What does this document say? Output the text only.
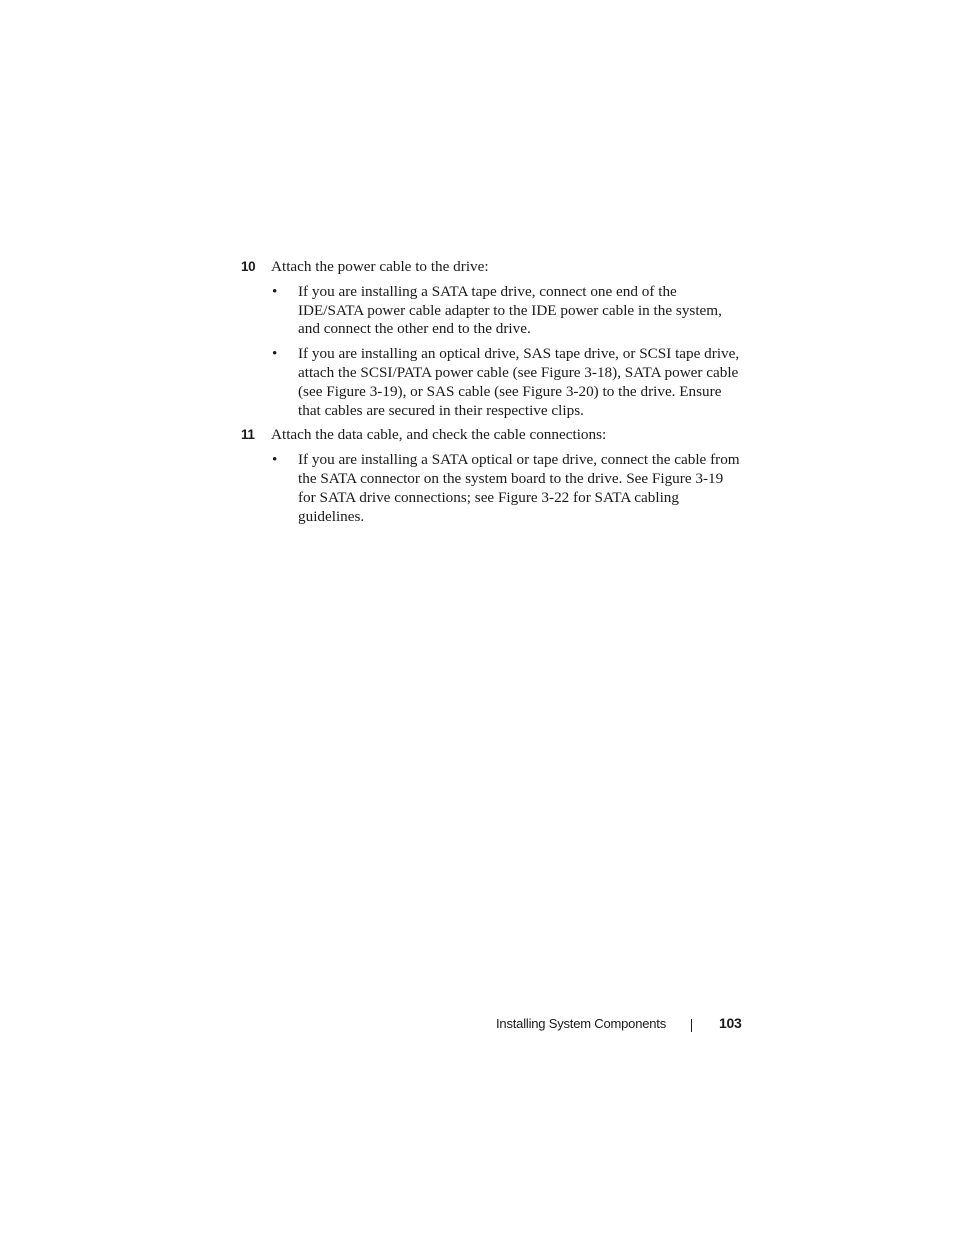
10 Attach the power cable to the drive:
• If you are installing a SATA tape drive, connect one end of the IDE/SATA power cable adapter to the IDE power cable in the system, and connect the other end to the drive.
• If you are installing an optical drive, SAS tape drive, or SCSI tape drive, attach the SCSI/PATA power cable (see Figure 3-18), SATA power cable (see Figure 3-19), or SAS cable (see Figure 3-20) to the drive. Ensure that cables are secured in their respective clips.
11 Attach the data cable, and check the cable connections:
• If you are installing a SATA optical or tape drive, connect the cable from the SATA connector on the system board to the drive. See Figure 3-19 for SATA drive connections; see Figure 3-22 for SATA cabling guidelines.
Installing System Components	103
